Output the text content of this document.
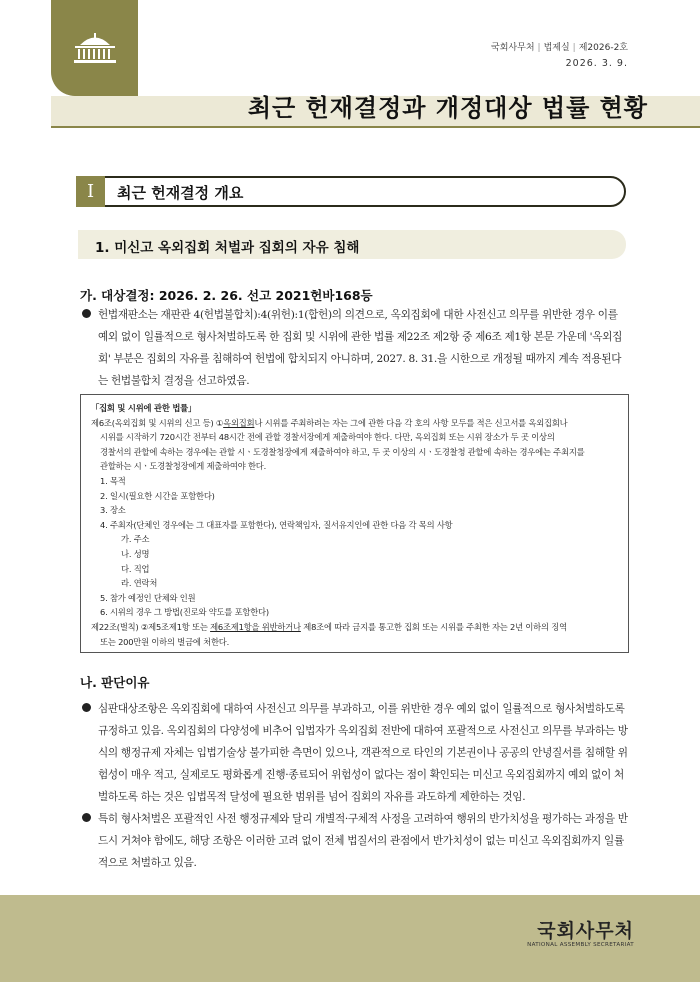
국회사무처 | 법제실 | 제2026-2호
2026. 3. 9.
최근 헌재결정과 개정대상 법률 현황
I	최근 헌재결정 개요
1. 미신고 옥외집회 처벌과 집회의 자유 침해
가. 대상결정: 2026. 2. 26. 선고 2021헌바168등
헌법재판소는 재판관 4(헌법불합치):4(위헌):1(합헌)의 의견으로, 옥외집회에 대한 사전신고 의무를 위반한 경우 이를 예외 없이 일률적으로 형사처벌하도록 한 집회 및 시위에 관한 법률 제22조 제2항 중 제6조 제1항 본문 가운데 '옥외집회' 부분은 집회의 자유를 침해하여 헌법에 합치되지 아니하며, 2027. 8. 31.을 시한으로 개정될 때까지 계속 적용된다는 헌법불합치 결정을 선고하였음.
「집회 및 시위에 관한 법률」
제6조(옥외집회 및 시위의 신고 등) ①옥외집회나 시위를 주최하려는 자는 그에 관한 다음 각 호의 사항 모두를 적은 신고서를 옥외집회나
시위를 시작하기 720시간 전부터 48시간 전에 관할 경찰서장에게 제출하여야 한다. 다만, 옥외집회 또는 시위 장소가 두 곳 이상의
경찰서의 관할에 속하는 경우에는 관할 시ㆍ도경찰청장에게 제출하여야 하고, 두 곳 이상의 시ㆍ도경찰청 관할에 속하는 경우에는 주최지를
관할하는 시ㆍ도경찰청장에게 제출하여야 한다.
1. 목적
2. 일시(필요한 시간을 포함한다)
3. 장소
4. 주최자(단체인 경우에는 그 대표자를 포함한다), 연락책임자, 질서유지인에 관한 다음 각 목의 사항
가. 주소
나. 성명
다. 직업
라. 연락처
5. 참가 예정인 단체와 인원
6. 시위의 경우 그 방법(진로와 약도를 포함한다)
제22조(벌칙) ②제5조제1항 또는 제6조제1항을 위반하거나 제8조에 따라 금지를 통고한 집회 또는 시위를 주최한 자는 2년 이하의 징역
또는 200만원 이하의 벌금에 처한다.
나. 판단이유
심판대상조항은 옥외집회에 대하여 사전신고 의무를 부과하고, 이를 위반한 경우 예외 없이 일률적으로 형사처벌하도록 규정하고 있음. 옥외집회의 다양성에 비추어 입법자가 옥외집회 전반에 대하여 포괄적으로 사전신고 의무를 부과하는 방식의 행정규제 자체는 입법기술상 불가피한 측면이 있으나, 객관적으로 타인의 기본권이나 공공의 안녕질서를 침해할 위험성이 매우 적고, 실제로도 평화롭게 진행·종료되어 위험성이 없다는 점이 확인되는 미신고 옥외집회까지 예외 없이 처벌하도록 하는 것은 입법목적 달성에 필요한 범위를 넘어 집회의 자유를 과도하게 제한하는 것임.
특히 형사처벌은 포괄적인 사전 행정규제와 달리 개별적·구체적 사정을 고려하여 행위의 반가치성을 평가하는 과정을 반드시 거쳐야 함에도, 해당 조항은 이러한 고려 없이 전체 법질서의 관점에서 반가치성이 없는 미신고 옥외집회까지 일률적으로 처벌하고 있음.
국회사무처
NATIONAL ASSEMBLY SECRETARIAT
